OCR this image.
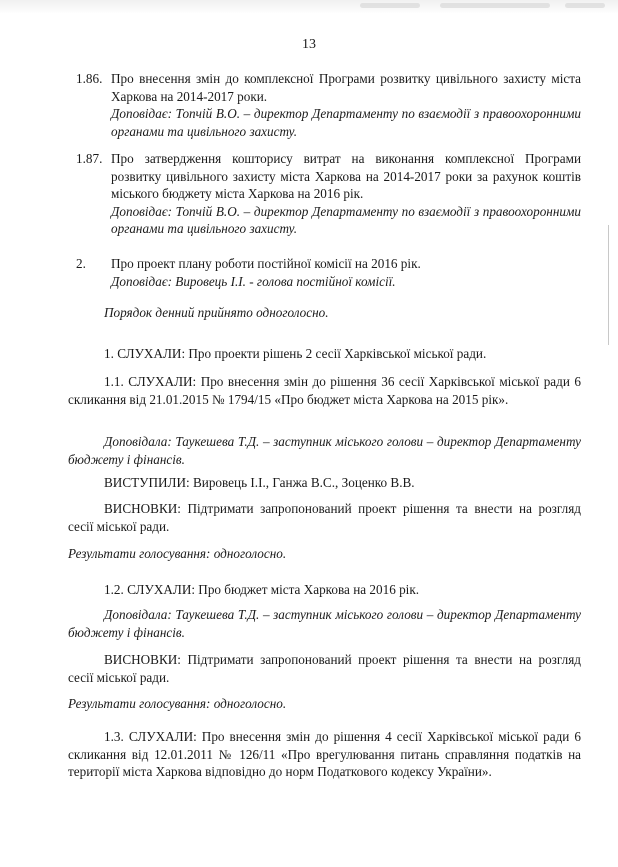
13
1.86. Про внесення змін до комплексної Програми розвитку цивільного захисту міста Харкова на 2014-2017 роки.

Доповідає: Топчій В.О. – директор Департаменту по взаємодії з правоохоронними органами та цивільного захисту.

1.87. Про затвердження кошторису витрат на виконання комплексної Програми розвитку цивільного захисту міста Харкова на 2014-2017 роки за рахунок коштів міського бюджету міста Харкова на 2016 рік.

Доповідає: Топчій В.О. – директор Департаменту по взаємодії з правоохоронними органами та цивільного захисту.

2. Про проект плану роботи постійної комісії на 2016 рік.

Доповідає: Вировець І.І. - голова постійної комісії.

Порядок денний прийнято одноголосно.

1. СЛУХАЛИ: Про проекти рішень 2 сесії Харківської міської ради.

1.1. СЛУХАЛИ: Про внесення змін до рішення 36 сесії Харківської міської ради 6 скликання від 21.01.2015 № 1794/15 «Про бюджет міста Харкова на 2015 рік».

Доповідала: Таукешева Т.Д. – заступник міського голови – директор Департаменту бюджету і фінансів.

ВИСТУПИЛИ: Вировець І.І., Ганжа В.С., Зоценко В.В.

ВИСНОВКИ: Підтримати запропонований проект рішення та внести на розгляд сесії міської ради.

Результати голосування: одноголосно.

1.2. СЛУХАЛИ: Про бюджет міста Харкова на 2016 рік.

Доповідала: Таукешева Т.Д. – заступник міського голови – директор Департаменту бюджету і фінансів.

ВИСНОВКИ: Підтримати запропонований проект рішення та внести на розгляд сесії міської ради.

Результати голосування: одноголосно.

1.3. СЛУХАЛИ: Про внесення змін до рішення 4 сесії Харківської міської ради 6 скликання від 12.01.2011 № 126/11 «Про врегулювання питань справляння податків на території міста Харкова відповідно до норм Податкового кодексу України».
